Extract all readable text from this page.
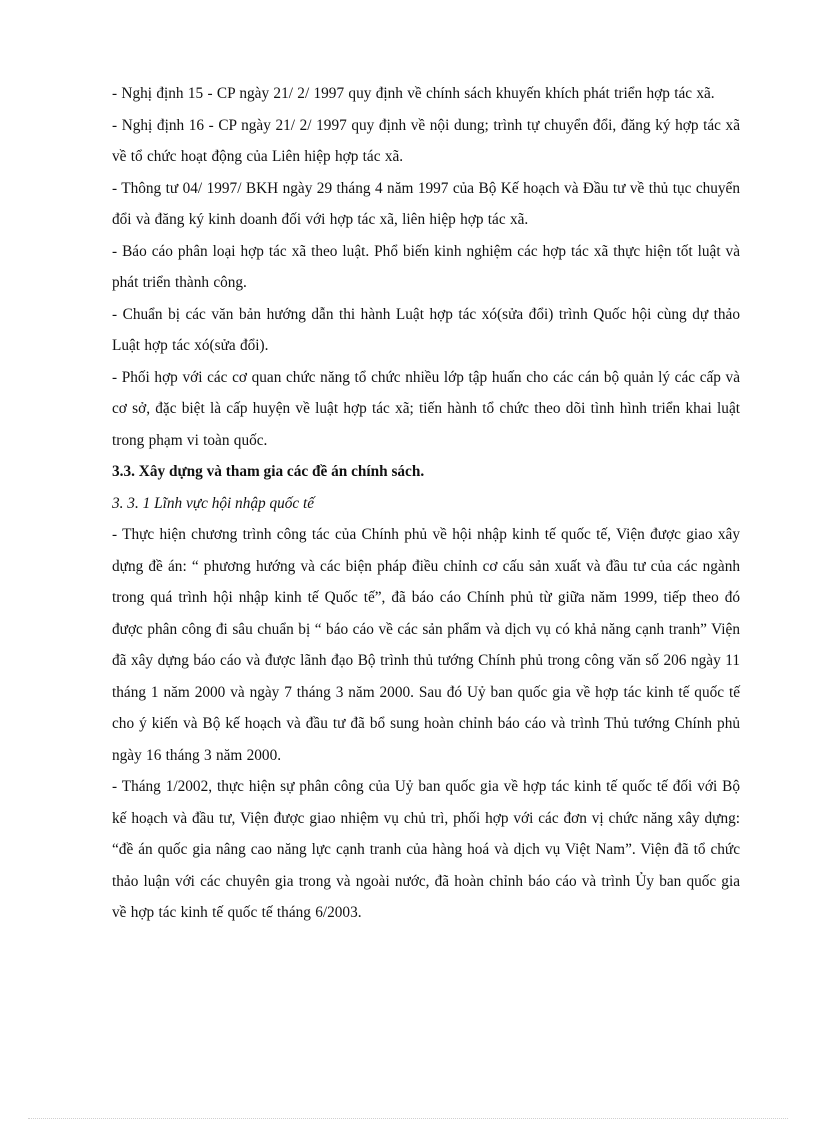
- Nghị định 15 - CP ngày 21/ 2/ 1997 quy định về chính sách khuyến khích phát triển hợp tác xã.

- Nghị định 16 - CP ngày 21/ 2/ 1997 quy định về nội dung; trình tự chuyển đổi, đăng ký hợp tác xã về tổ chức hoạt động của Liên hiệp hợp tác xã.

- Thông tư 04/ 1997/ BKH ngày 29 tháng 4 năm 1997 của Bộ Kế hoạch và Đầu tư về thủ tục chuyển đổi và đăng ký kinh doanh đối với hợp tác xã, liên hiệp hợp tác xã.

- Báo cáo phân loại hợp tác xã theo luật. Phổ biến kinh nghiệm các hợp tác xã thực hiện tốt luật và phát triển thành công.

- Chuẩn bị các văn bản hướng dẫn thi hành Luật hợp tác xó(sửa đổi) trình Quốc hội cùng dự thảo Luật hợp tác xó(sửa đổi).

- Phối hợp với các cơ quan chức năng tổ chức nhiều lớp tập huấn cho các cán bộ quản lý các cấp và cơ sở, đặc biệt là cấp huyện về luật hợp tác xã; tiến hành tổ chức theo dõi tình hình triển khai luật trong phạm vi toàn quốc.

3.3. Xây dựng và tham gia các đề án chính sách.

3. 3. 1 Lĩnh vực hội nhập quốc tế

- Thực hiện chương trình công tác của Chính phủ về hội nhập kinh tế quốc tế, Viện được giao xây dựng đề án: “ phương hướng và các biện pháp điều chỉnh cơ cấu sản xuất và đầu tư của các ngành trong quá trình hội nhập kinh tế Quốc tế”, đã báo cáo Chính phủ từ giữa năm 1999, tiếp theo đó được phân công đi sâu chuẩn bị “ báo cáo về các sản phẩm và dịch vụ có khả năng cạnh tranh” Viện đã xây dựng báo cáo và được lãnh đạo Bộ trình thủ tướng Chính phủ trong công văn số 206 ngày 11 tháng 1 năm 2000 và ngày 7 tháng 3 năm 2000. Sau đó Uỷ ban quốc gia về hợp tác kinh tế quốc tế cho ý kiến và Bộ kế hoạch và đầu tư đã bổ sung hoàn chỉnh báo cáo và trình Thủ tướng Chính phủ ngày 16 tháng 3 năm 2000.

- Tháng 1/2002, thực hiện sự phân công của Uỷ ban quốc gia về hợp tác kinh tế quốc tế đối với Bộ kế hoạch và đầu tư, Viện được giao nhiệm vụ chủ trì, phối hợp với các đơn vị chức năng xây dựng: “đề án quốc gia nâng cao năng lực cạnh tranh của hàng hoá và dịch vụ Việt Nam”. Viện đã tổ chức thảo luận với các chuyên gia trong và ngoài nước, đã hoàn chỉnh báo cáo và trình Ủy ban quốc gia về hợp tác kinh tế quốc tế tháng 6/2003.
